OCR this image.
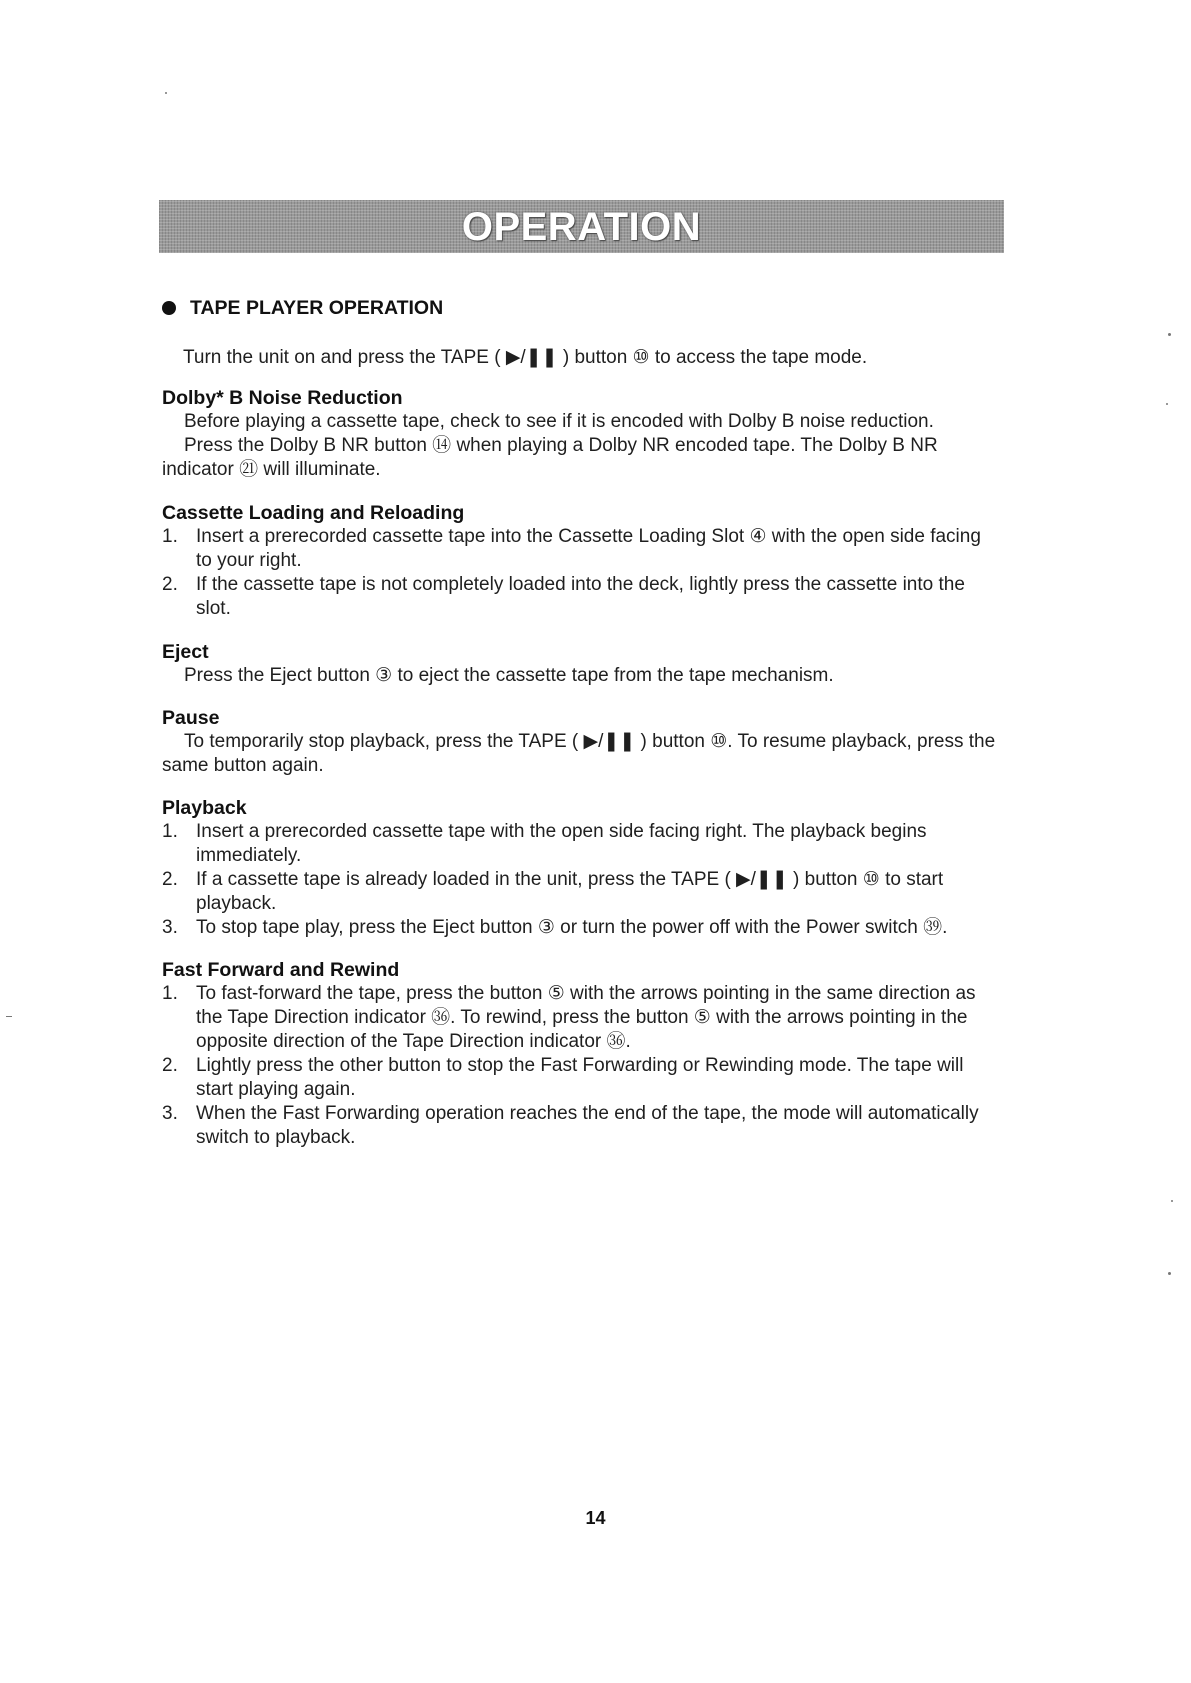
OPERATION
TAPE PLAYER OPERATION

Turn the unit on and press the TAPE ( ▶/❚❚ ) button ⑩ to access the tape mode.

Dolby* B Noise Reduction

Before playing a cassette tape, check to see if it is encoded with Dolby B noise reduction.

Press the Dolby B NR button ⑭ when playing a Dolby NR encoded tape. The Dolby B NR indicator ㉑ will illuminate.

Cassette Loading and Reloading
1. Insert a prerecorded cassette tape into the Cassette Loading Slot ④ with the open side facing to your right.
2. If the cassette tape is not completely loaded into the deck, lightly press the cassette into the slot.
Eject

Press the Eject button ③ to eject the cassette tape from the tape mechanism.

Pause

To temporarily stop playback, press the TAPE ( ▶/❚❚ ) button ⑩. To resume playback, press the same button again.

Playback
1. Insert a prerecorded cassette tape with the open side facing right. The playback begins immediately.
2. If a cassette tape is already loaded in the unit, press the TAPE ( ▶/❚❚ ) button ⑩ to start playback.
3. To stop tape play, press the Eject button ③ or turn the power off with the Power switch ㊴.
Fast Forward and Rewind
1. To fast-forward the tape, press the button ⑤ with the arrows pointing in the same direction as the Tape Direction indicator ㊱. To rewind, press the button ⑤ with the arrows pointing in the opposite direction of the Tape Direction indicator ㊱.
2. Lightly press the other button to stop the Fast Forwarding or Rewinding mode. The tape will start playing again.
3. When the Fast Forwarding operation reaches the end of the tape, the mode will automatically switch to playback.
14
